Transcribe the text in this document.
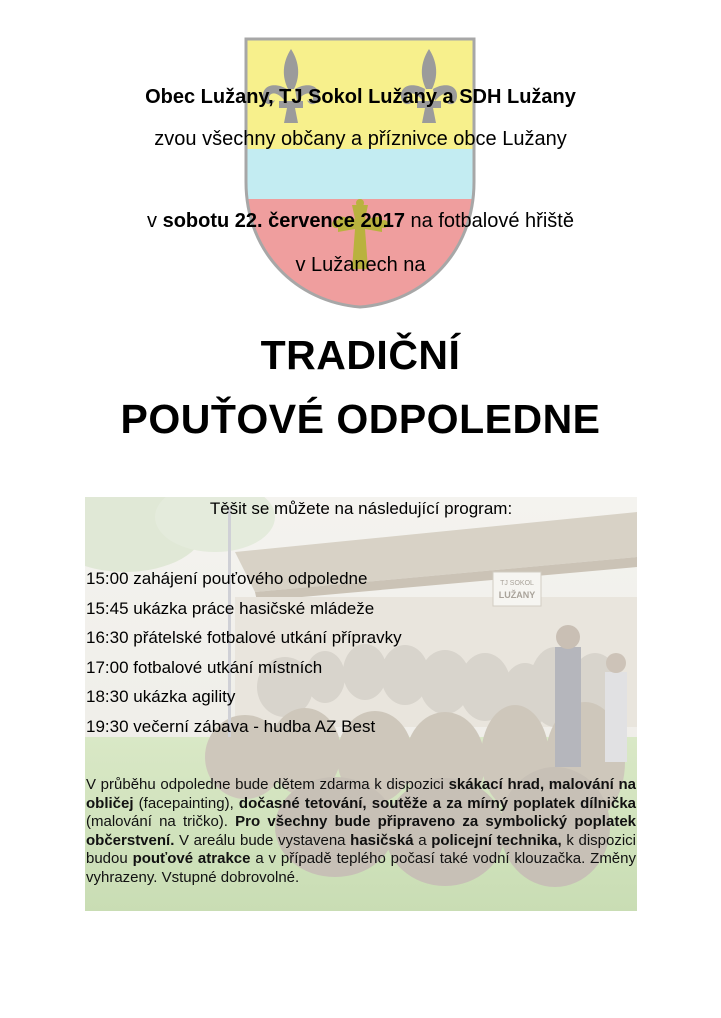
Obec Lužany, TJ Sokol Lužany a SDH Lužany
zvou všechny občany a příznivce obce Lužany
v sobotu 22. července 2017 na fotbalové hřiště
v Lužanech na
TRADIČNÍ
POUŤOVÉ ODPOLEDNE
TJ SOKOL
LUŽANY
Těšit se můžete na následující program:
15:00 zahájení pouťového odpoledne
15:45 ukázka práce hasičské mládeže
16:30 přátelské fotbalové utkání přípravky
17:00 fotbalové utkání místních
18:30 ukázka agility
19:30 večerní zábava - hudba AZ Best
V průběhu odpoledne bude dětem zdarma k dispozici skákací hrad, malování na obličej (facepainting), dočasné tetování, soutěže a za mírný poplatek dílnička (malování na tričko). Pro všechny bude připraveno za symbolický poplatek občerstvení. V areálu bude vystavena hasičská a policejní technika, k dispozici budou pouťové atrakce a v případě teplého počasí také vodní klouzačka. Změny vyhrazeny. Vstupné dobrovolné.
